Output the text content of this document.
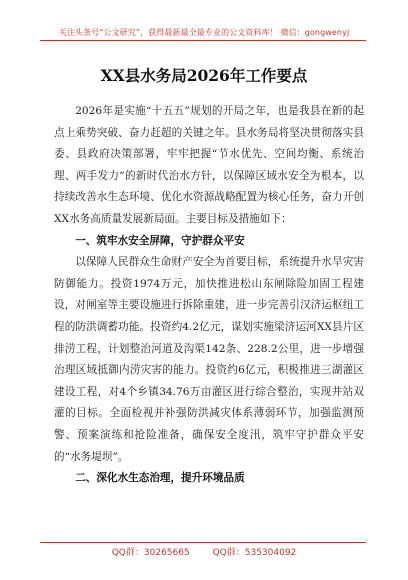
关注头条号“公文研究”，获得最新最全最专业的公文资料库！ 微信：gongwenyj
XX县水务局2026年工作要点

2026年是实施“十五五”规划的开局之年，也是我县在新的起点上乘势突破、奋力赶超的关键之年。县水务局将坚决贯彻落实县委、县政府决策部署，牢牢把握“节水优先、空间均衡、系统治理、两手发力”的新时代治水方针，以保障区域水安全为根本，以持续改善水生态环境、优化水资源战略配置为核心任务，奋力开创XX水务高质量发展新局面。主要目标及措施如下：

一、筑牢水安全屏障，守护群众平安

以保障人民群众生命财产安全为首要目标，系统提升水旱灾害防御能力。投资1974万元，加快推进松山东闸除险加固工程建设，对闸室等主要设施进行拆除重建，进一步完善引汉济运枢纽工程的防洪调蓄功能。投资约4.2亿元，谋划实施梁济运河XX县片区排涝工程，计划整治河道及沟渠142条、228.2公里，进一步增强治理区域抵御内涝灾害的能力。投资约6亿元，积极推进三湖灌区建设工程，对4个乡镇34.76万亩灌区进行综合整治，实现井站双灌的目标。全面检视并补强防洪减灾体系薄弱环节，加强监测预警、预案演练和抢险准备，确保安全度汛，筑牢守护群众平安的“水务堤坝”。

二、深化水生态治理，提升环境品质

QQ群：30265665	QQ群：535304092
